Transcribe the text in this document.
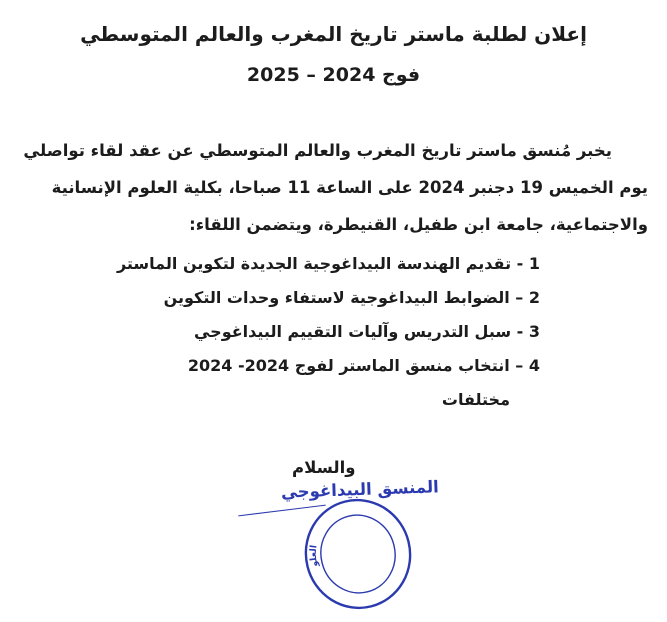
إعلان لطلبة ماستر تاريخ المغرب والعالم المتوسطي
فوج 2024 – 2025
يخبر مُنسق ماستر تاريخ المغرب والعالم المتوسطي عن عقد لقاء تواصلي
يوم الخميس 19 دجنبر 2024 على الساعة 11 صباحا، بكلية العلوم الإنسانية
والاجتماعية، جامعة ابن طفيل، القنيطرة، ويتضمن اللقاء:
1 - تقديم الهندسة البيداغوجية الجديدة لتكوين الماستر
2 – الضوابط البيداغوجية لاستفاء وحدات التكوين
3 - سبل التدريس وآليات التقييم البيداغوجي
4 – انتخاب منسق الماستر لفوج 2024- 2024
مختلفات
والسلام
المنسق البيداغوجي
العلوم
